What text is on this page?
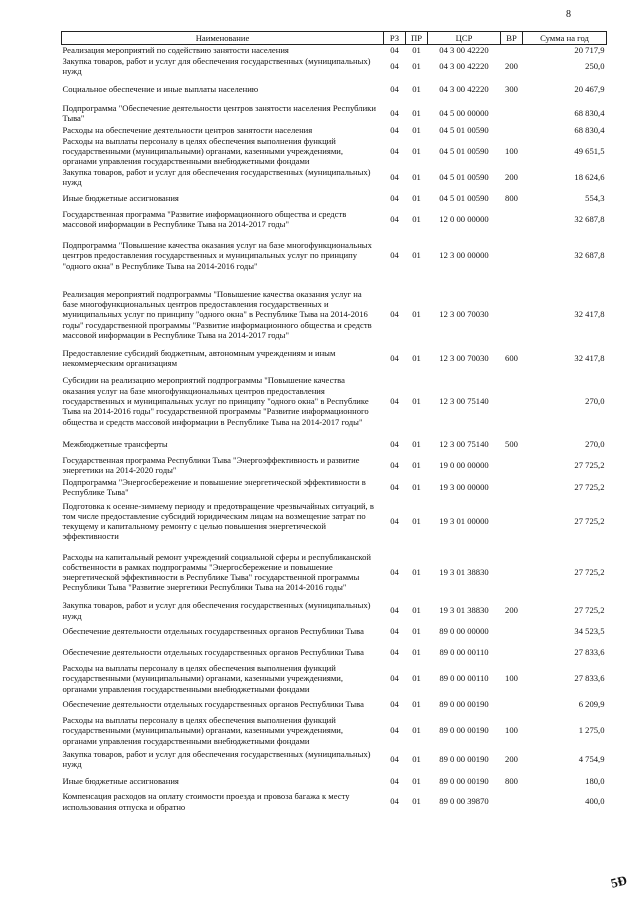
8
Наименование	РЗ	ПР	ЦСР	ВР	Сумма на год
Реализация мероприятий по содействию занятости населения	04	01	04 3 00 42220		20 717,9
Закупка товаров, работ и услуг для обеспечения государственных (муниципальных) нужд	04	01	04 3 00 42220	200	250,0
Социальное обеспечение и иные выплаты населению	04	01	04 3 00 42220	300	20 467,9
Подпрограмма "Обеспечение деятельности центров занятости населения Республики Тыва"	04	01	04 5 00 00000		68 830,4
Расходы на обеспечение деятельности центров занятости населения	04	01	04 5 01 00590		68 830,4
Расходы на выплаты персоналу в целях обеспечения выполнения функций государственными (муниципальными) органами, казенными учреждениями, органами управления государственными внебюджетными фондами	04	01	04 5 01 00590	100	49 651,5
Закупка товаров, работ и услуг для обеспечения государственных (муниципальных) нужд	04	01	04 5 01 00590	200	18 624,6
Иные бюджетные ассигнования	04	01	04 5 01 00590	800	554,3
Государственная программа "Развитие информационного общества и средств массовой информации в Республике Тыва на 2014-2017 годы"	04	01	12 0 00 00000		32 687,8
Подпрограмма "Повышение качества оказания услуг на базе многофункциональных центров предоставления государственных и муниципальных услуг по принципу "одного окна" в Республике Тыва на 2014-2016 годы"	04	01	12 3 00 00000		32 687,8
Реализация мероприятий подпрограммы "Повышение качества оказания услуг на базе многофункциональных центров предоставления государственных и муниципальных услуг по принципу "одного окна" в Республике Тыва на 2014-2016 годы" государственной программы "Развитие информационного общества и средств массовой информации в Республике Тыва на 2014-2017 годы"	04	01	12 3 00 70030		32 417,8
Предоставление субсидий бюджетным, автономным учреждениям и иным некоммерческим организациям	04	01	12 3 00 70030	600	32 417,8
Субсидии на реализацию мероприятий подпрограммы "Повышение качества оказания услуг на базе многофункциональных центров предоставления государственных и муниципальных услуг по принципу "одного окна" в Республике Тыва на 2014-2016 годы" государственной программы "Развитие информационного общества и средств массовой информации в Республике Тыва на 2014-2017 годы"	04	01	12 3 00 75140		270,0
Межбюджетные трансферты	04	01	12 3 00 75140	500	270,0
Государственная программа Республики Тыва "Энергоэффективность и развитие энергетики на 2014-2020 годы"	04	01	19 0 00 00000		27 725,2
Подпрограмма "Энергосбережение и повышение энергетической эффективности в Республике Тыва"	04	01	19 3 00 00000		27 725,2
Подготовка к осенне-зимнему периоду и предотвращение чрезвычайных ситуаций, в том числе предоставление субсидий юридическим лицам на возмещение затрат по текущему и капитальному ремонту с целью повышения энергетической эффективности	04	01	19 3 01 00000		27 725,2
Расходы на капитальный ремонт учреждений социальной сферы и республиканской собственности в рамках подпрограммы "Энергосбережение и повышение энергетической эффективности в Республике Тыва" государственной программы Республики Тыва "Развитие энергетики Республики Тыва на 2014-2016 годы"	04	01	19 3 01 38830		27 725,2
Закупка товаров, работ и услуг для обеспечения государственных (муниципальных) нужд	04	01	19 3 01 38830	200	27 725,2
Обеспечение деятельности отдельных государственных органов Республики Тыва	04	01	89 0 00 00000		34 523,5
Обеспечение деятельности отдельных государственных органов Республики Тыва	04	01	89 0 00 00110		27 833,6
Расходы на выплаты персоналу в целях обеспечения выполнения функций государственными (муниципальными) органами, казенными учреждениями, органами управления государственными внебюджетными фондами	04	01	89 0 00 00110	100	27 833,6
Обеспечение деятельности отдельных государственных органов Республики Тыва	04	01	89 0 00 00190		6 209,9
Расходы на выплаты персоналу в целях обеспечения выполнения функций государственными (муниципальными) органами, казенными учреждениями, органами управления государственными внебюджетными фондами	04	01	89 0 00 00190	100	1 275,0
Закупка товаров, работ и услуг для обеспечения государственных (муниципальных) нужд	04	01	89 0 00 00190	200	4 754,9
Иные бюджетные ассигнования	04	01	89 0 00 00190	800	180,0
Компенсация расходов на оплату стоимости проезда и провоза багажа к месту использования отпуска и обратно	04	01	89 0 00 39870		400,0
5Ð
